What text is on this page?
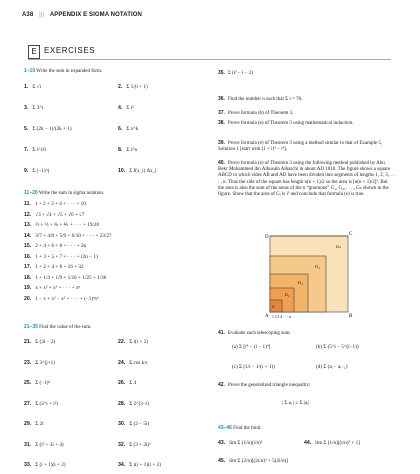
A38 ||| APPENDIX E SIGMA NOTATION
E EXERCISES
1–10 Write the sum in expanded form.
1. Σ √i	2. Σ 1/(i + 1)
3. Σ 3^i	4. Σ i³
5. Σ (2k − 1)/(2k + 1)	6. Σ x^k
7. Σ i^10	8. Σ i^n
9. Σ (−1)^j	10. Σ f(x_i) Δx_i
11–20 Write the sum in sigma notation.
11. 1 + 2 + 3 + 4 + · · · + 10
12. √3 + √4 + √5 + √6 + √7
13. ½ + ⅔ + ¾ + ⅘ + · · · + 19/20
14. 3/7 + 4/8 + 5/9 + 6/10 + · · · + 23/27
15. 2 + 4 + 6 + 8 + · · · + 2n
16. 1 + 3 + 5 + 7 + · · · + (2n − 1)
17. 1 + 2 + 4 + 8 + 16 + 32
18. 1 + 1/4 + 1/9 + 1/16 + 1/25 + 1/36
19. x + x² + x³ + · · · + xⁿ
20. 1 − x + x² − x³ + · · · + (−1)ⁿxⁿ
21–35 Find the value of the sum.
21. Σ (3i − 2)	22. Σ i(i + 2)
23. Σ 3^(j+1)	24. Σ cos kπ
25. Σ (−1)ⁿ	26. Σ 4
27. Σ (2^i + i²)	28. Σ 2^(3−i)
29. Σ 2i	30. Σ (2 − 5i)
31. Σ (i² + 3i + 4)	32. Σ (3 + 2i)²
33. Σ (i + 1)(i + 2)	34. Σ i(i + 1)(i + 2)
35. Σ (i³ − i − 2)
36. Find the number n such that Σ i = 78.
37. Prove formula (b) of Theorem 3.
38. Prove formula (e) of Theorem 3 using mathematical induction.
39. Prove formula (e) of Theorem 3 using a method similar to that of Example 5, Solution 1 [start with (1 + i)⁴ − i⁴].
40. Prove formula (e) of Theorem 3 using the following method published by Abu Bekr Mohammed ibn Alhusain Alkarchi in about AD 1010. The figure shows a square ABCD in which sides AB and AD have been divided into segments of lengths 1, 2, 3, . . . , n. Thus the side of the square has length n(n + 1)/2 so the area is [n(n + 1)/2]². But the area is also the sum of the areas of the n “gnomons” G₁, G₂, . . . , Gₙ shown in the figure. Show that the area of Gᵢ is i³ and conclude that formula (e) is true.
D
C
A	B
Gₙ
G₄
G₃
G₂
G₁
1 2 3 4 · · · n
41. Evaluate each telescoping sum.
(a) Σ [i⁴ − (i − 1)⁴]	(b) Σ (5^i − 5^(i−1))
(c) Σ (1/i − 1/(i + 1))	(d) Σ (aᵢ − aᵢ₋₁)
42. Prove the generalized triangle inequality:
| Σ aᵢ | ≤ Σ |aᵢ|
43–46 Find the limit.
43. lim Σ (1/n)(i/n)²	44. lim Σ (1/n)[(i/n)³ + 1]
45. lim Σ (2/n)[(2i/n)³ + 5(2i/n)]
